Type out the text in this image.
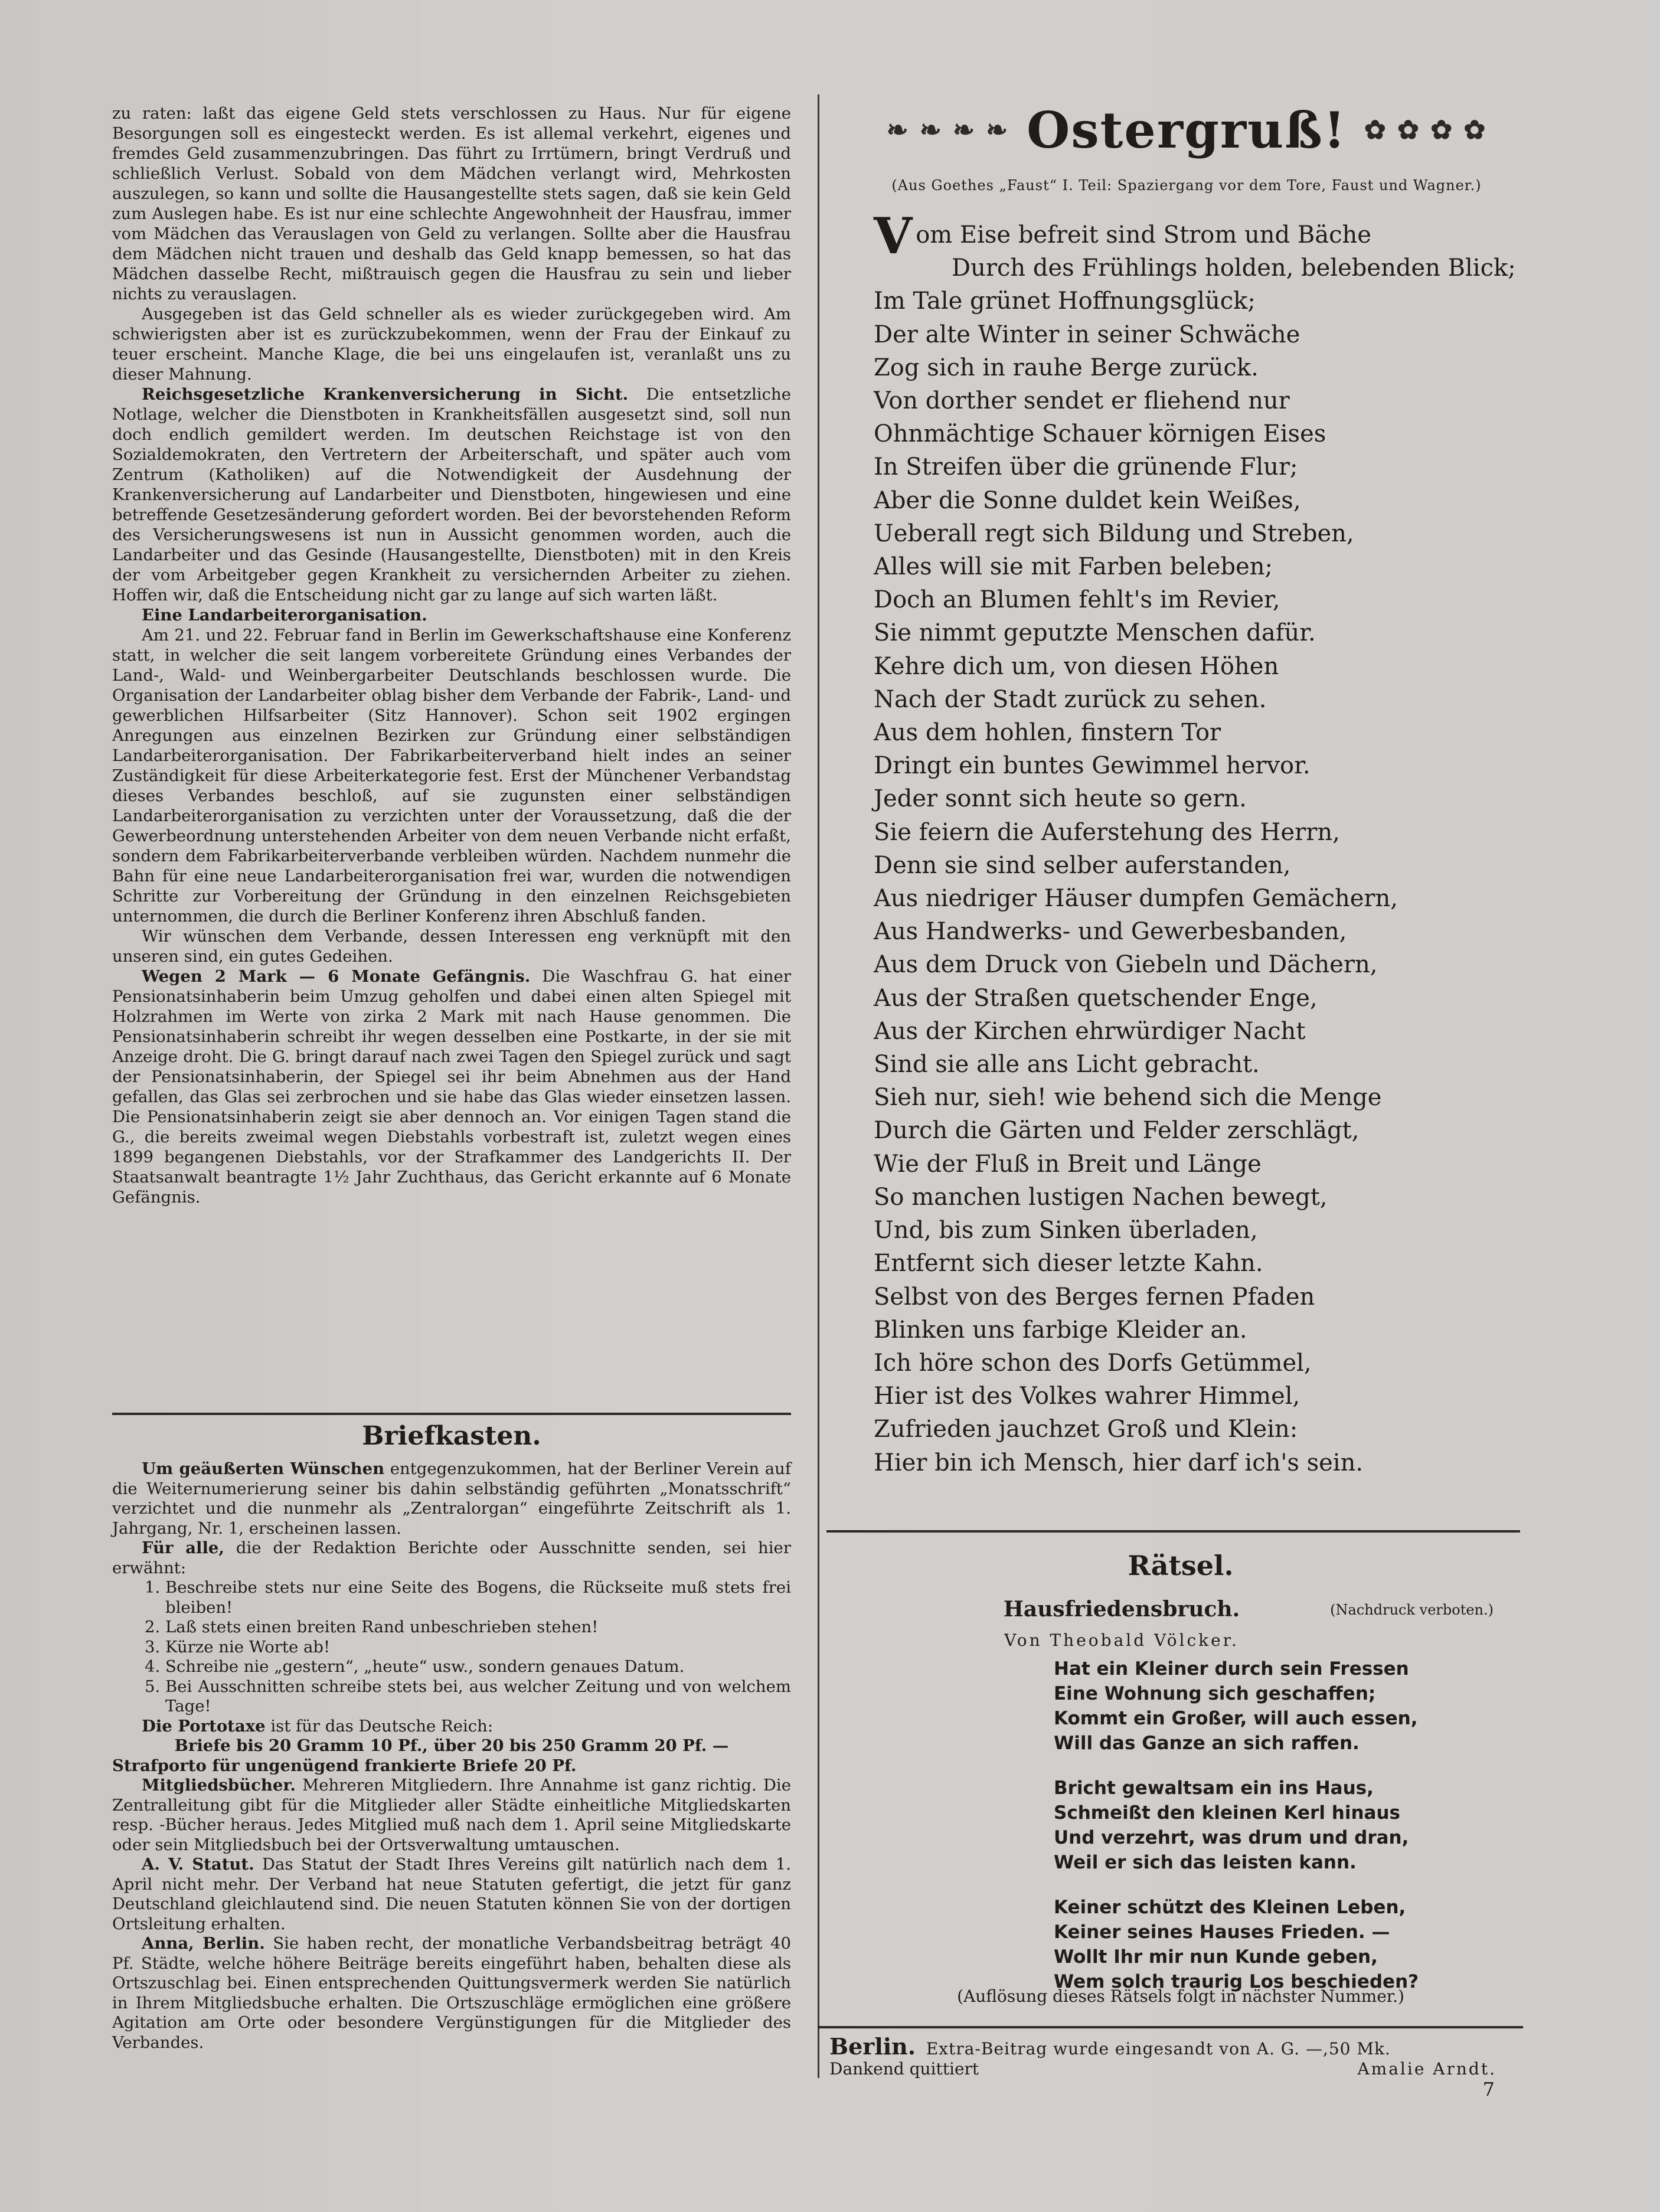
zu raten: laßt das eigene Geld stets verschlossen zu Haus. Nur für eigene Besorgungen soll es eingesteckt werden. Es ist allemal verkehrt, eigenes und fremdes Geld zusammenzubringen. Das führt zu Irrtümern, bringt Verdruß und schließlich Verlust. Sobald von dem Mädchen verlangt wird, Mehrkosten auszulegen, so kann und sollte die Hausangestellte stets sagen, daß sie kein Geld zum Auslegen habe. Es ist nur eine schlechte Angewohnheit der Hausfrau, immer vom Mädchen das Verauslagen von Geld zu verlangen. Sollte aber die Hausfrau dem Mädchen nicht trauen und deshalb das Geld knapp bemessen, so hat das Mädchen dasselbe Recht, mißtrauisch gegen die Hausfrau zu sein und lieber nichts zu verauslagen.

Ausgegeben ist das Geld schneller als es wieder zurückgegeben wird. Am schwierigsten aber ist es zurückzubekommen, wenn der Frau der Einkauf zu teuer erscheint. Manche Klage, die bei uns eingelaufen ist, veranlaßt uns zu dieser Mahnung.

Reichsgesetzliche Krankenversicherung in Sicht. Die entsetzliche Notlage, welcher die Dienstboten in Krankheitsfällen ausgesetzt sind, soll nun doch endlich gemildert werden. Im deutschen Reichstage ist von den Sozialdemokraten, den Vertretern der Arbeiterschaft, und später auch vom Zentrum (Katholiken) auf die Notwendigkeit der Ausdehnung der Krankenversicherung auf Landarbeiter und Dienstboten, hingewiesen und eine betreffende Gesetzesänderung gefordert worden. Bei der bevorstehenden Reform des Versicherungswesens ist nun in Aussicht genommen worden, auch die Landarbeiter und das Gesinde (Hausangestellte, Dienstboten) mit in den Kreis der vom Arbeitgeber gegen Krankheit zu versichernden Arbeiter zu ziehen. Hoffen wir, daß die Entscheidung nicht gar zu lange auf sich warten läßt.

Eine Landarbeiterorganisation.

Am 21. und 22. Februar fand in Berlin im Gewerkschaftshause eine Konferenz statt, in welcher die seit langem vorbereitete Gründung eines Verbandes der Land-, Wald- und Weinbergarbeiter Deutschlands beschlossen wurde. Die Organisation der Landarbeiter oblag bisher dem Verbande der Fabrik-, Land- und gewerblichen Hilfsarbeiter (Sitz Hannover). Schon seit 1902 ergingen Anregungen aus einzelnen Bezirken zur Gründung einer selbständigen Landarbeiterorganisation. Der Fabrikarbeiterverband hielt indes an seiner Zuständigkeit für diese Arbeiterkategorie fest. Erst der Münchener Verbandstag dieses Verbandes beschloß, auf sie zugunsten einer selbständigen Landarbeiterorganisation zu verzichten unter der Voraussetzung, daß die der Gewerbeordnung unterstehenden Arbeiter von dem neuen Verbande nicht erfaßt, sondern dem Fabrikarbeiterverbande verbleiben würden. Nachdem nunmehr die Bahn für eine neue Landarbeiterorganisation frei war, wurden die notwendigen Schritte zur Vorbereitung der Gründung in den einzelnen Reichsgebieten unternommen, die durch die Berliner Konferenz ihren Abschluß fanden.

Wir wünschen dem Verbande, dessen Interessen eng verknüpft mit den unseren sind, ein gutes Gedeihen.

Wegen 2 Mark — 6 Monate Gefängnis. Die Waschfrau G. hat einer Pensionatsinhaberin beim Umzug geholfen und dabei einen alten Spiegel mit Holzrahmen im Werte von zirka 2 Mark mit nach Hause genommen. Die Pensionatsinhaberin schreibt ihr wegen desselben eine Postkarte, in der sie mit Anzeige droht. Die G. bringt darauf nach zwei Tagen den Spiegel zurück und sagt der Pensionatsinhaberin, der Spiegel sei ihr beim Abnehmen aus der Hand gefallen, das Glas sei zerbrochen und sie habe das Glas wieder einsetzen lassen. Die Pensionatsinhaberin zeigt sie aber dennoch an. Vor einigen Tagen stand die G., die bereits zweimal wegen Diebstahls vorbestraft ist, zuletzt wegen eines 1899 begangenen Diebstahls, vor der Strafkammer des Landgerichts II. Der Staatsanwalt beantragte 1½ Jahr Zuchthaus, das Gericht erkannte auf 6 Monate Gefängnis.

Briefkasten.

Um geäußerten Wünschen entgegenzukommen, hat der Berliner Verein auf die Weiternumerierung seiner bis dahin selbständig geführten „Monatsschrift“ verzichtet und die nunmehr als „Zentralorgan“ eingeführte Zeitschrift als 1. Jahrgang, Nr. 1, erscheinen lassen.

Für alle, die der Redaktion Berichte oder Ausschnitte senden, sei hier erwähnt:

1. Beschreibe stets nur eine Seite des Bogens, die Rückseite muß stets frei bleiben!
2. Laß stets einen breiten Rand unbeschrieben stehen!
3. Kürze nie Worte ab!
4. Schreibe nie „gestern“, „heute“ usw., sondern genaues Datum.
5. Bei Ausschnitten schreibe stets bei, aus welcher Zeitung und von welchem Tage!

Die Portotaxe ist für das Deutsche Reich:

Briefe bis 20 Gramm 10 Pf., über 20 bis 250 Gramm 20 Pf. —

Strafporto für ungenügend frankierte Briefe 20 Pf.

Mitgliedsbücher. Mehreren Mitgliedern. Ihre Annahme ist ganz richtig. Die Zentralleitung gibt für die Mitglieder aller Städte einheitliche Mitgliedskarten resp. -Bücher heraus. Jedes Mitglied muß nach dem 1. April seine Mitgliedskarte oder sein Mitgliedsbuch bei der Ortsverwaltung umtauschen.

A. V. Statut. Das Statut der Stadt Ihres Vereins gilt natürlich nach dem 1. April nicht mehr. Der Verband hat neue Statuten gefertigt, die jetzt für ganz Deutschland gleichlautend sind. Die neuen Statuten können Sie von der dortigen Ortsleitung erhalten.

Anna, Berlin. Sie haben recht, der monatliche Verbandsbeitrag beträgt 40 Pf. Städte, welche höhere Beiträge bereits eingeführt haben, behalten diese als Ortszuschlag bei. Einen entsprechenden Quittungsvermerk werden Sie natürlich in Ihrem Mitgliedsbuche erhalten. Die Ortszuschläge ermöglichen eine größere Agitation am Orte oder besondere Vergünstigungen für die Mitglieder des Verbandes.

❧ ❧ ❧ ❧ Ostergruß! ✿ ✿ ✿ ✿
(Aus Goethes „Faust“ I. Teil: Spaziergang vor dem Tore, Faust und Wagner.)
Vom Eise befreit sind Strom und Bäche
Durch des Frühlings holden, belebenden Blick;
Im Tale grünet Hoffnungsglück;
Der alte Winter in seiner Schwäche
Zog sich in rauhe Berge zurück.
Von dorther sendet er fliehend nur
Ohnmächtige Schauer körnigen Eises
In Streifen über die grünende Flur;
Aber die Sonne duldet kein Weißes,
Ueberall regt sich Bildung und Streben,
Alles will sie mit Farben beleben;
Doch an Blumen fehlt's im Revier,
Sie nimmt geputzte Menschen dafür.
Kehre dich um, von diesen Höhen
Nach der Stadt zurück zu sehen.
Aus dem hohlen, finstern Tor
Dringt ein buntes Gewimmel hervor.
Jeder sonnt sich heute so gern.
Sie feiern die Auferstehung des Herrn,
Denn sie sind selber auferstanden,
Aus niedriger Häuser dumpfen Gemächern,
Aus Handwerks- und Gewerbesbanden,
Aus dem Druck von Giebeln und Dächern,
Aus der Straßen quetschender Enge,
Aus der Kirchen ehrwürdiger Nacht
Sind sie alle ans Licht gebracht.
Sieh nur, sieh! wie behend sich die Menge
Durch die Gärten und Felder zerschlägt,
Wie der Fluß in Breit und Länge
So manchen lustigen Nachen bewegt,
Und, bis zum Sinken überladen,
Entfernt sich dieser letzte Kahn.
Selbst von des Berges fernen Pfaden
Blinken uns farbige Kleider an.
Ich höre schon des Dorfs Getümmel,
Hier ist des Volkes wahrer Himmel,
Zufrieden jauchzet Groß und Klein:
Hier bin ich Mensch, hier darf ich's sein.
Rätsel.
Hausfriedensbruch.	(Nachdruck verboten.)
Von Theobald Völcker.
Hat ein Kleiner durch sein Fressen
Eine Wohnung sich geschaffen;
Kommt ein Großer, will auch essen,
Will das Ganze an sich raffen.
Bricht gewaltsam ein ins Haus,
Schmeißt den kleinen Kerl hinaus
Und verzehrt, was drum und dran,
Weil er sich das leisten kann.
Keiner schützt des Kleinen Leben,
Keiner seines Hauses Frieden. —
Wollt Ihr mir nun Kunde geben,
Wem solch traurig Los beschieden?
(Auflösung dieses Rätsels folgt in nächster Nummer.)
Berlin. Extra-Beitrag wurde eingesandt von A. G. —,50 Mk.
Dankend quittiert	Amalie Arndt.
7
